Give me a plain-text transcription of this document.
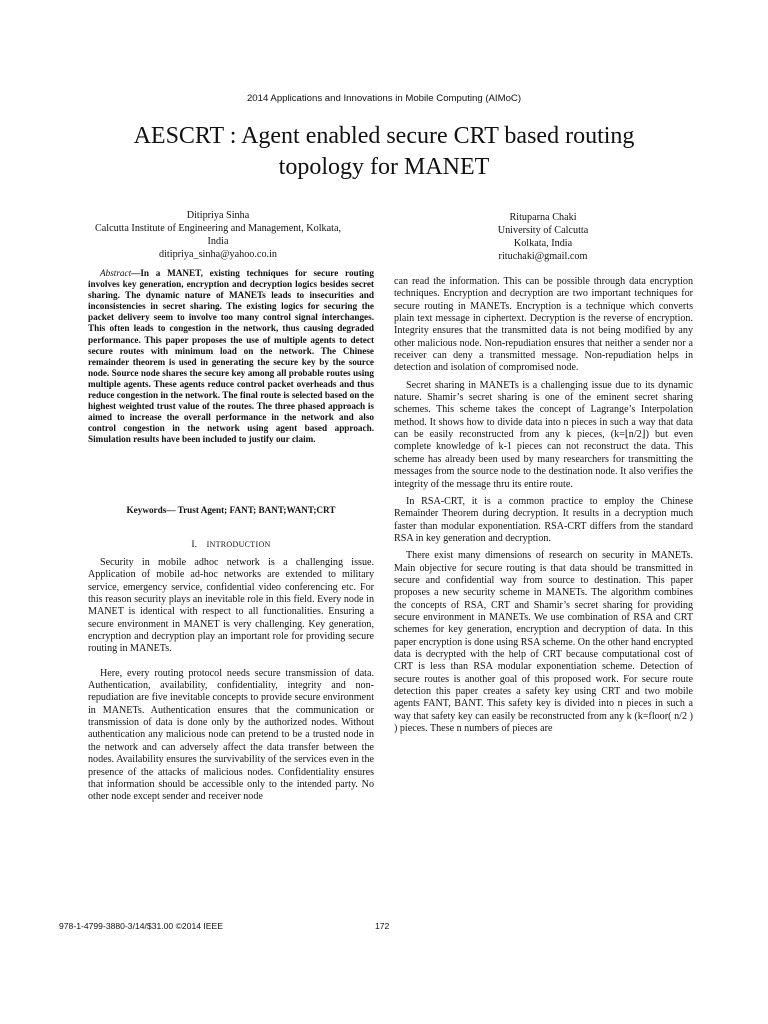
2014 Applications and Innovations in Mobile Computing (AIMoC)
AESCRT : Agent enabled secure CRT based routing
topology for MANET
Ditipriya Sinha
Calcutta Institute of Engineering and Management, Kolkata,
India
ditipriya_sinha@yahoo.co.in
Rituparna Chaki
University of Calcutta
Kolkata, India
rituchaki@gmail.com

Abstract—In a MANET, existing techniques for secure routing involves key generation, encryption and decryption logics besides secret sharing. The dynamic nature of MANETs leads to insecurities and inconsistencies in secret sharing. The existing logics for securing the packet delivery seem to involve too many control signal interchanges. This often leads to congestion in the network, thus causing degraded performance. This paper proposes the use of multiple agents to detect secure routes with minimum load on the network. The Chinese remainder theorem is used in generating the secure key by the source node. Source node shares the secure key among all probable routes using multiple agents. These agents reduce control packet overheads and thus reduce congestion in the network. The final route is selected based on the highest weighted trust value of the routes. The three phased approach is aimed to increase the overall performance in the network and also control congestion in the network using agent based approach. Simulation results have been included to justify our claim.

Keywords— Trust Agent; FANT; BANT;WANT;CRT
I. INTRODUCTION

Security in mobile adhoc network is a challenging issue. Application of mobile ad-hoc networks are extended to military service, emergency service, confidential video conferencing etc. For this reason security plays an inevitable role in this field. Every node in MANET is identical with respect to all functionalities. Ensuring a secure environment in MANET is very challenging. Key generation, encryption and decryption play an important role for providing secure routing in MANETs.

Here, every routing protocol needs secure transmission of data. Authentication, availability, confidentiality, integrity and non-repudiation are five inevitable concepts to provide secure environment in MANETs. Authentication ensures that the communication or transmission of data is done only by the authorized nodes. Without authentication any malicious node can pretend to be a trusted node in the network and can adversely affect the data transfer between the nodes. Availability ensures the survivability of the services even in the presence of the attacks of malicious nodes. Confidentiality ensures that information should be accessible only to the intended party. No other node except sender and receiver node

can read the information. This can be possible through data encryption techniques. Encryption and decryption are two important techniques for secure routing in MANETs. Encryption is a technique which converts plain text message in ciphertext. Decryption is the reverse of encryption. Integrity ensures that the transmitted data is not being modified by any other malicious node. Non-repudiation ensures that neither a sender nor a receiver can deny a transmitted message. Non-repudiation helps in detection and isolation of compromised node.

Secret sharing in MANETs is a challenging issue due to its dynamic nature. Shamir’s secret sharing is one of the eminent secret sharing schemes. This scheme takes the concept of Lagrange’s Interpolation method. It shows how to divide data into n pieces in such a way that data can be easily reconstructed from any k pieces, (k=⌊n/2⌋) but even complete knowledge of k-1 pieces can not reconstruct the data. This scheme has already been used by many researchers for transmitting the messages from the source node to the destination node. It also verifies the integrity of the message thru its entire route.

In RSA-CRT, it is a common practice to employ the Chinese Remainder Theorem during decryption. It results in a decryption much faster than modular exponentiation. RSA-CRT differs from the standard RSA in key generation and decryption.

There exist many dimensions of research on security in MANETs. Main objective for secure routing is that data should be transmitted in secure and confidential way from source to destination. This paper proposes a new security scheme in MANETs. The algorithm combines the concepts of RSA, CRT and Shamir’s secret sharing for providing secure environment in MANETs. We use combination of RSA and CRT schemes for key generation, encryption and decryption of data. In this paper encryption is done using RSA scheme. On the other hand encrypted data is decrypted with the help of CRT because computational cost of CRT is less than RSA modular exponentiation scheme. Detection of secure routes is another goal of this proposed work. For secure route detection this paper creates a safety key using CRT and two mobile agents FANT, BANT. This safety key is divided into n pieces in such a way that safety key can easily be reconstructed from any k (k=floor( n/2 ) ) pieces. These n numbers of pieces are

978-1-4799-3880-3/14/$31.00 ©2014 IEEE	172
